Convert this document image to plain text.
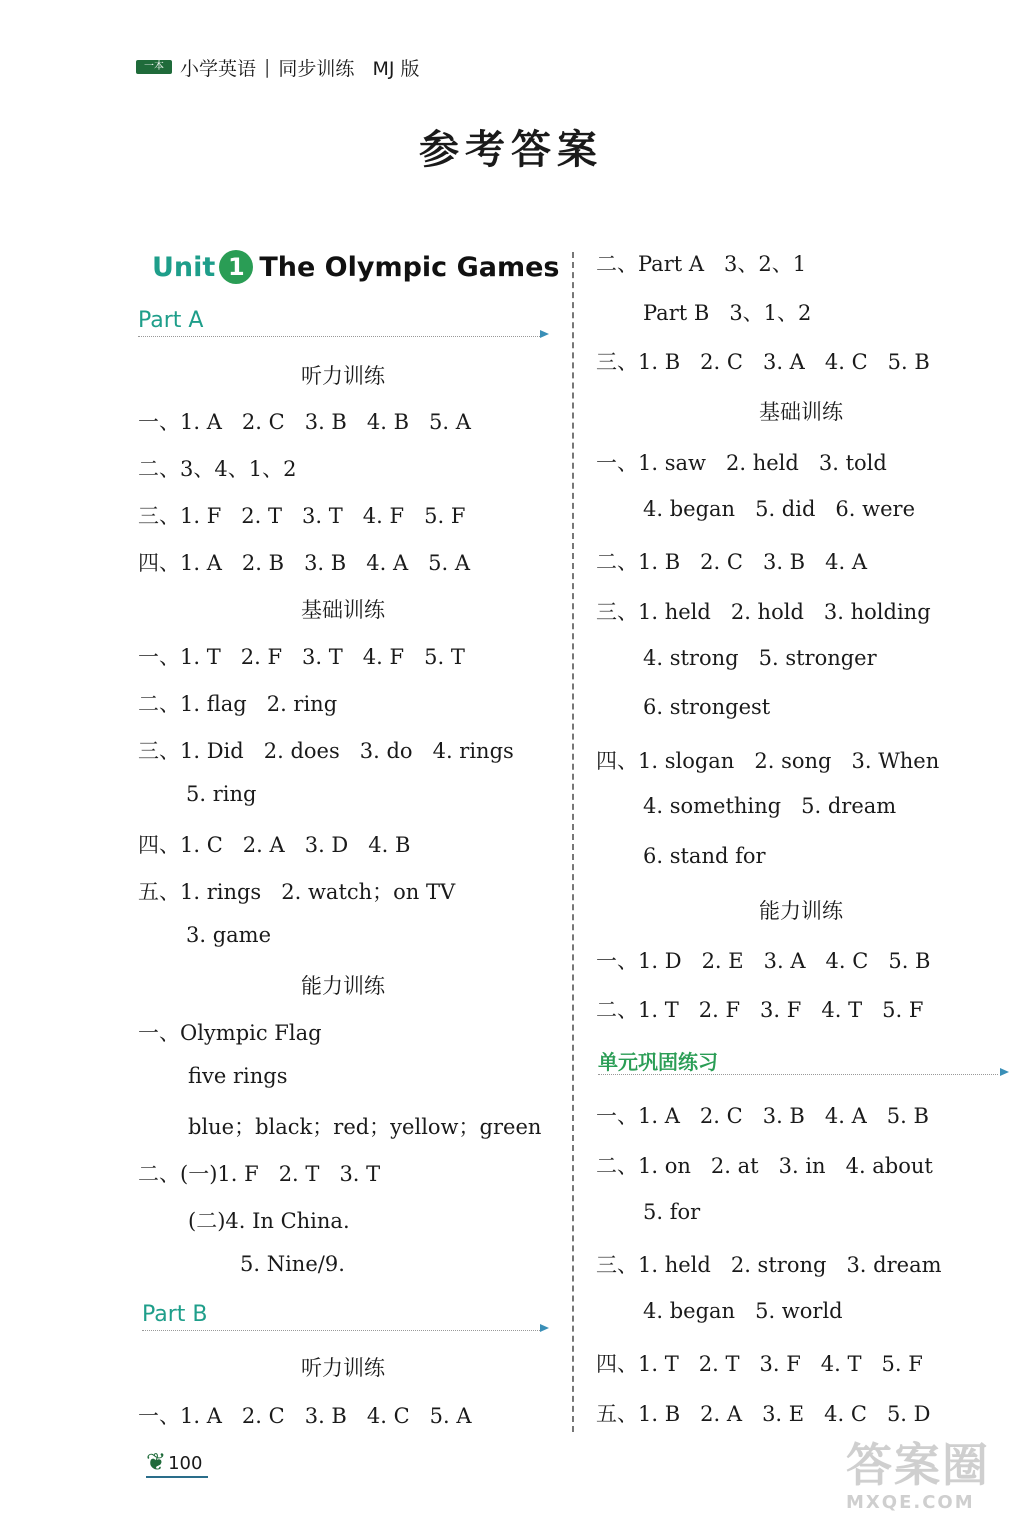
一本 小学英语 | 同步训练 MJ 版
参考答案
Unit 1 The Olympic Games
Part A
听力训练
一、1. A   2. C   3. B   4. B   5. A
二、3、4、1、2
三、1. F   2. T   3. T   4. F   5. F
四、1. A   2. B   3. B   4. A   5. A
基础训练
一、1. T   2. F   3. T   4. F   5. T
二、1. flag   2. ring
三、1. Did   2. does   3. do   4. rings
5. ring
四、1. C   2. A   3. D   4. B
五、1. rings   2. watch；on TV
3. game
能力训练
一、Olympic Flag
five rings
blue；black；red；yellow；green
二、(一)1. F   2. T   3. T
(二)4. In China.
5. Nine/9.
Part B
听力训练
一、1. A   2. C   3. B   4. C   5. A
二、Part A   3、2、1
Part B   3、1、2
三、1. B   2. C   3. A   4. C   5. B
基础训练
一、1. saw   2. held   3. told
4. began   5. did   6. were
二、1. B   2. C   3. B   4. A
三、1. held   2. hold   3. holding
4. strong   5. stronger
6. strongest
四、1. slogan   2. song   3. When
4. something   5. dream
6. stand for
能力训练
一、1. D   2. E   3. A   4. C   5. B
二、1. T   2. F   3. F   4. T   5. F
单元巩固练习
一、1. A   2. C   3. B   4. A   5. B
二、1. on   2. at   3. in   4. about
5. for
三、1. held   2. strong   3. dream
4. began   5. world
四、1. T   2. T   3. F   4. T   5. F
五、1. B   2. A   3. E   4. C   5. D
❦ 100	答案圈
MXQE.COM
